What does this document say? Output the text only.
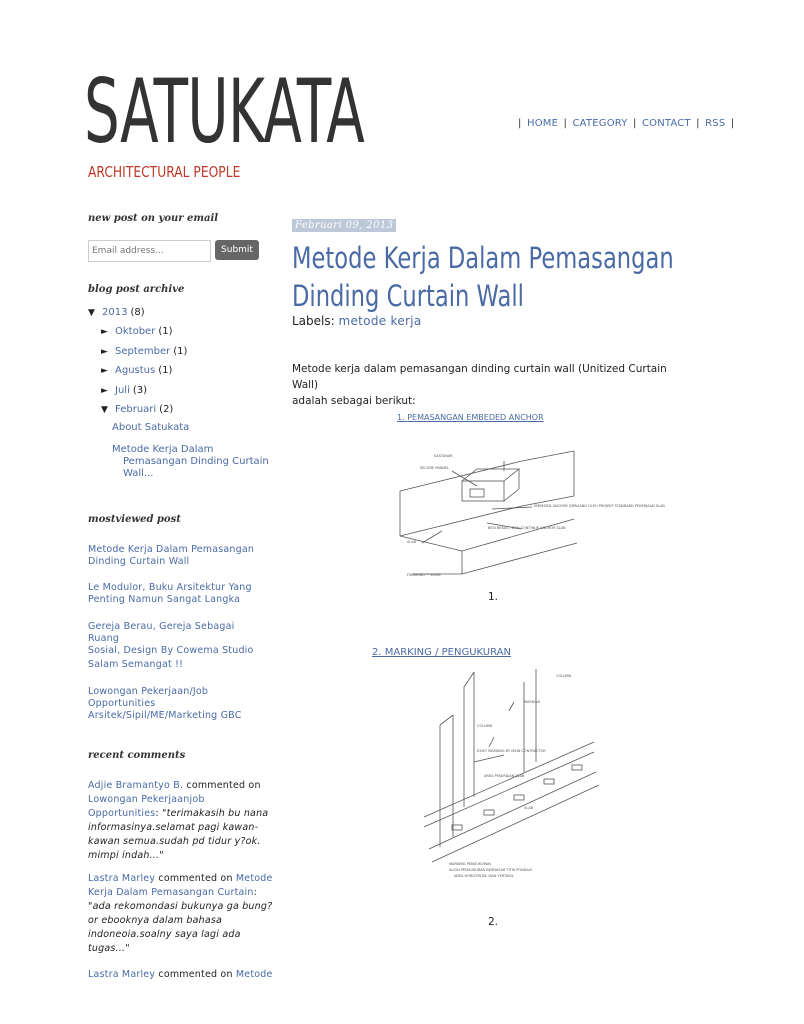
SATUKATA
ARCHITECTURAL PEOPLE
| HOME | CATEGORY | CONTACT | RSS |
new post on your email
Email address...
Submit
blog post archive
▼ 2013 (8)
► Oktober (1)
► September (1)
► Agustus (1)
► Juli (3)
▼ Februari (2)
About Satukata
Metode Kerja Dalam
Pemasangan Dinding Curtain
Wall...
mostviewed post
Metode Kerja Dalam Pemasangan
Dinding Curtain Wall
Le Modulor, Buku Arsitektur Yang
Penting Namun Sangat Langka
Gereja Berau, Gereja Sebagai Ruang
Sosial, Design By Cowema Studio
Salam Semangat !!
Lowongan Pekerjaan/Job
Opportunities
Arsitek/Sipil/ME/Marketing GBC
recent comments
Adjie Bramantyo B. commented on
Lowongan Pekerjaanjob
Opportunities: "terimakasih bu nana
informasinya.selamat pagi kawan-
kawan semua.sudah pd tidur y?ok.
mimpi indah..."
Lastra Marley commented on Metode
Kerja Dalam Pemasangan Curtain:
"ada rekomondasi bukunya ga bung?
or ebooknya dalam bahasa
indoneoia.soalny saya lagi ada
tugas..."
Lastra Marley commented on Metode
Februari 09, 2013
Metode Kerja Dalam Pemasangan
Dinding Curtain Wall
Labels: metode kerja
Metode kerja dalam pemasangan dinding curtain wall (Unitized Curtain Wall)
adalah sebagai berikut:
1. PEMASANGAN EMBEDED ANCHOR
SASTANAR
SECURE PANNEL
EMBEDED ANCHOR DIPASANG OLEH PROJEKT STANDARD PEKERJAAN SLAB
BESI BEKAS / DAN CONTINUE ANCHOR SLAB
SLAB
FINISHING ~ 50MM
1.
2. MARKING / PENGUKURAN
COLUMN
COLUMN
EXIST MARKING BY MAIN CONTRACTOR
MARKING
AREA PEKERJAAN SLAB
SLAB
MARKING PENGUKURAN
ALIGN PENGUKURAN BERDASAR TITIK PONDASI
AREA HORIZONTAL DAN VERTIKAL
2.
